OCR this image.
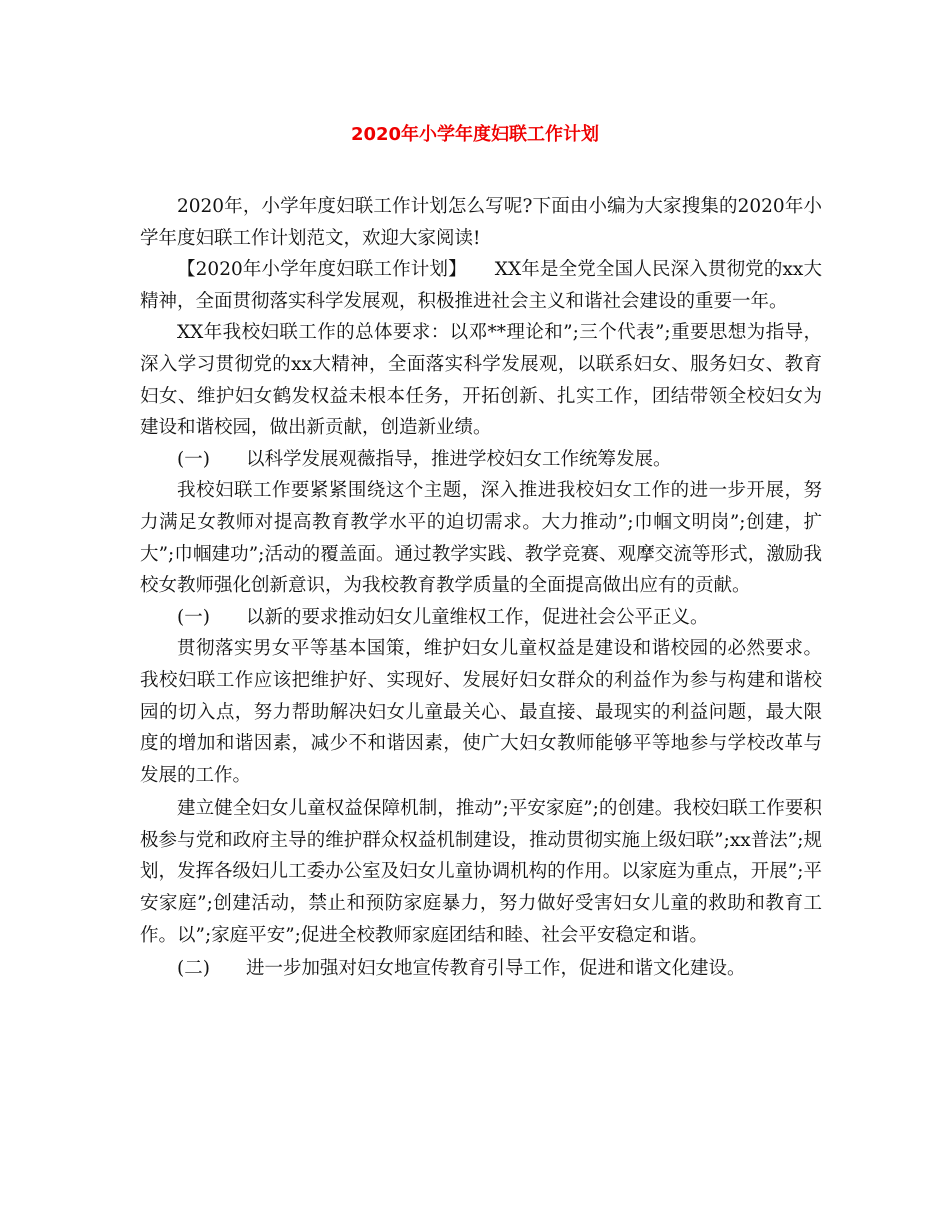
2020年小学年度妇联工作计划

2020年，小学年度妇联工作计划怎么写呢?下面由小编为大家搜集的2020年小学年度妇联工作计划范文，欢迎大家阅读!

【2020年小学年度妇联工作计划】　　XX年是全党全国人民深入贯彻党的xx大精神，全面贯彻落实科学发展观，积极推进社会主义和谐社会建设的重要一年。

XX年我校妇联工作的总体要求：以邓**理论和”;三个代表”;重要思想为指导，深入学习贯彻党的xx大精神，全面落实科学发展观，以联系妇女、服务妇女、教育妇女、维护妇女鹤发权益未根本任务，开拓创新、扎实工作，团结带领全校妇女为建设和谐校园，做出新贡献，创造新业绩。

(一)	以科学发展观薇指导，推进学校妇女工作统筹发展。

我校妇联工作要紧紧围绕这个主题，深入推进我校妇女工作的进一步开展，努力满足女教师对提高教育教学水平的迫切需求。大力推动”;巾帼文明岗”;创建，扩大”;巾帼建功”;活动的覆盖面。通过教学实践、教学竞赛、观摩交流等形式，激励我校女教师强化创新意识，为我校教育教学质量的全面提高做出应有的贡献。

(一)	以新的要求推动妇女儿童维权工作，促进社会公平正义。

贯彻落实男女平等基本国策，维护妇女儿童权益是建设和谐校园的必然要求。我校妇联工作应该把维护好、实现好、发展好妇女群众的利益作为参与构建和谐校园的切入点，努力帮助解决妇女儿童最关心、最直接、最现实的利益问题，最大限度的增加和谐因素，减少不和谐因素，使广大妇女教师能够平等地参与学校改革与发展的工作。

建立健全妇女儿童权益保障机制，推动”;平安家庭”;的创建。我校妇联工作要积极参与党和政府主导的维护群众权益机制建设，推动贯彻实施上级妇联”;xx普法”;规划，发挥各级妇儿工委办公室及妇女儿童协调机构的作用。以家庭为重点，开展”;平安家庭”;创建活动，禁止和预防家庭暴力，努力做好受害妇女儿童的救助和教育工作。以”;家庭平安”;促进全校教师家庭团结和睦、社会平安稳定和谐。

(二)	进一步加强对妇女地宣传教育引导工作，促进和谐文化建设。
